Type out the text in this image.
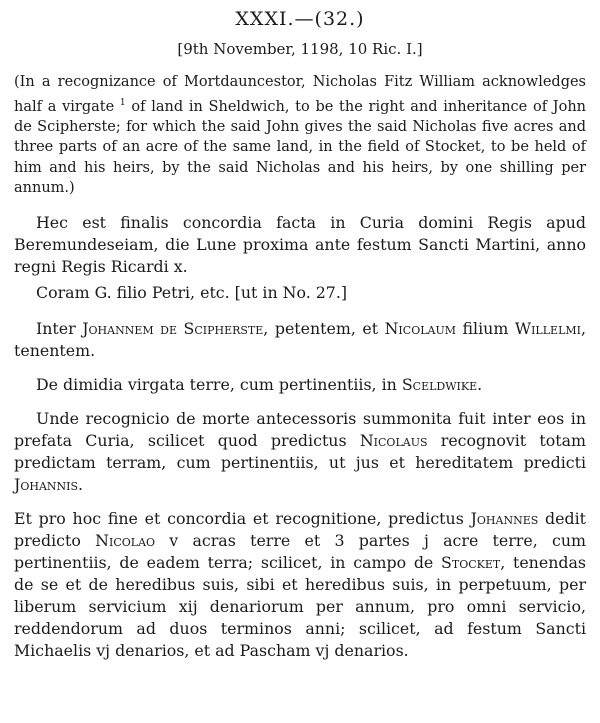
XXXI.—(32.)
[9th November, 1198, 10 Ric. I.]
(In a recognizance of Mortdauncestor, Nicholas Fitz William acknowledges half a virgate $^1$ of land in Sheldwich, to be the right and inheritance of John de Scipherste; for which the said John gives the said Nicholas five acres and three parts of an acre of the same land, in the field of Stocket, to be held of him and his heirs, by the said Nicholas and his heirs, by one shilling per annum.)
Hec est finalis concordia facta in Curia domini Regis apud Beremundeseiam, die Lune proxima ante festum Sancti Martini, anno regni Regis Ricardi x.
Coram G. filio Petri, etc. [ut in No. 27.]
Inter Johannem de Scipherste, petentem, et Nicolaum filium Willelmi, tenentem.
De dimidia virgata terre, cum pertinentiis, in Sceldwike.
Unde recognicio de morte antecessoris summonita fuit inter eos in prefata Curia, scilicet quod predictus Nicolaus recognovit totam predictam terram, cum pertinentiis, ut jus et hereditatem predicti Johannis.
Et pro hoc fine et concordia et recognitione, predictus Johannes dedit predicto Nicolao v acras terre et 3 partes j acre terre, cum pertinentiis, de eadem terra; scilicet, in campo de Stocket, tenendas de se et de heredibus suis, sibi et heredibus suis, in perpetuum, per liberum servicium xij denariorum per annum, pro omni servicio, reddendorum ad duos terminos anni; scilicet, ad festum Sancti Michaelis vj denarios, et ad Pascham vj denarios.
